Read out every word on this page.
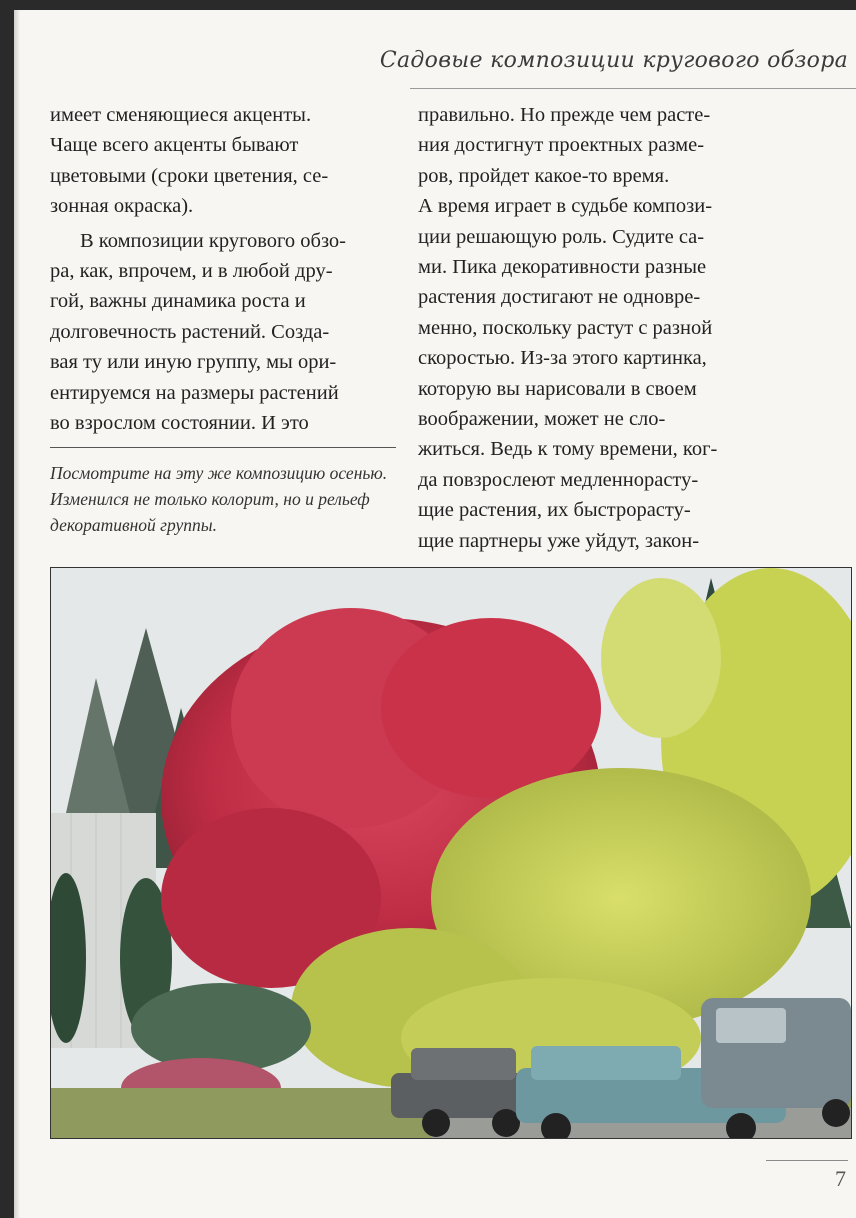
Садовые композиции кругового обзора

имеет сменяющиеся акценты.

Чаще всего акценты бывают

цветовыми (сроки цветения, се-

зонная окраска).

В композиции кругового обзо-

ра, как, впрочем, и в любой дру-

гой, важны динамика роста и

долговечность растений. Созда-

вая ту или иную группу, мы ори-

ентируемся на размеры растений

во взрослом состоянии. И это

Посмотрите на эту же композицию осенью. Изменился не только колорит, но и рельеф декоративной группы.

правильно. Но прежде чем расте-

ния достигнут проектных разме-

ров, пройдет какое-то время.

А время играет в судьбе компози-

ции решающую роль. Судите са-

ми. Пика декоративности разные

растения достигают не одновре-

менно, поскольку растут с разной

скоростью. Из-за этого картинка,

которую вы нарисовали в своем

воображении, может не сло-

житься. Ведь к тому времени, ког-

да повзрослеют медленнорасту-

щие растения, их быстрорасту-

щие партнеры уже уйдут, закон-

7
